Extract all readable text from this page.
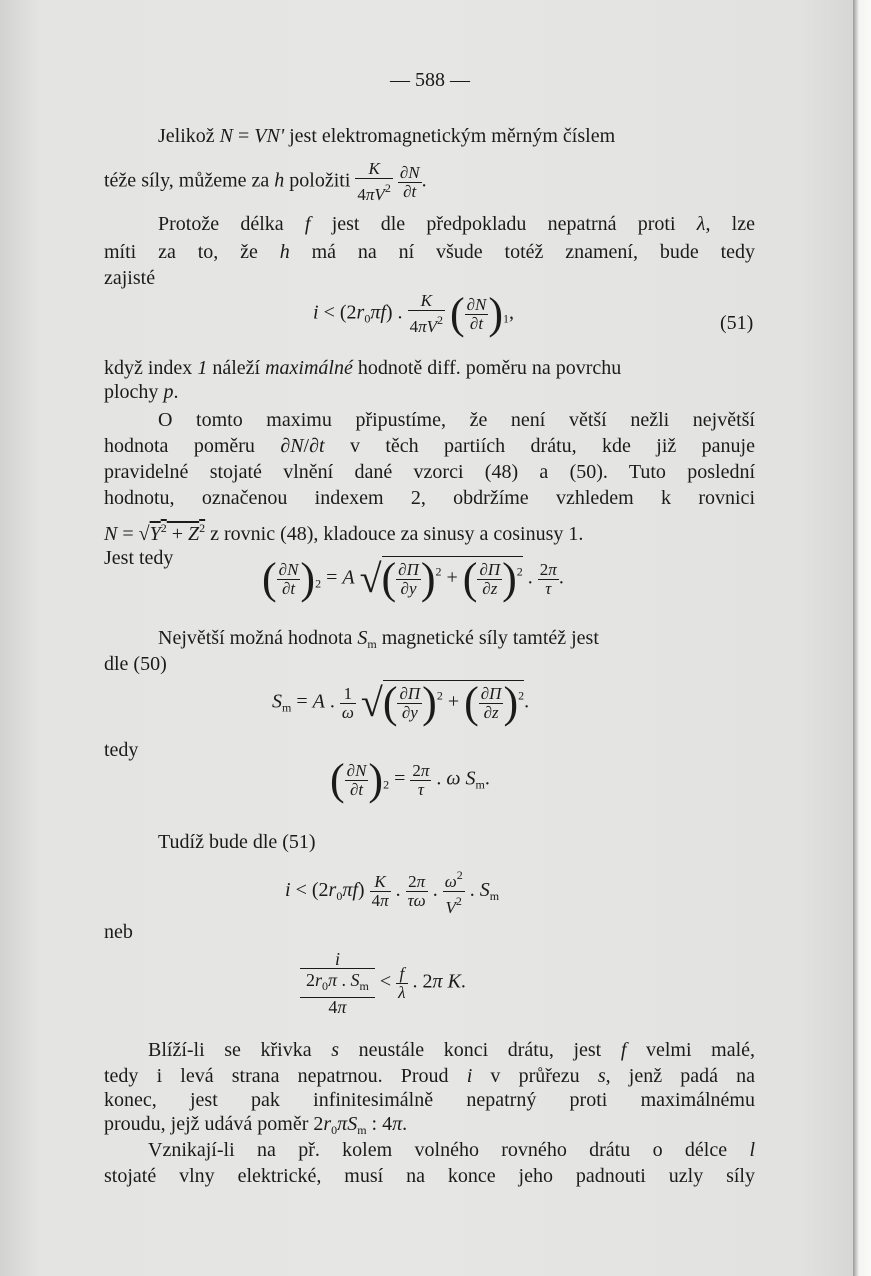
— 588 —
Jelikož N = VN' jest elektromagnetickým měrným číslem
téže síly, můžeme za h položiti $\frac{K}{4\pi V^2}$
$\frac{\partial N}{\partial t}$ .
Protože délka f jest dle předpokladu nepatrná proti λ, lze
míti za to, že h má na ní všude totéž znamení, bude tedy
zajisté
$i < (2r_0\pi f)$ . $\frac{K}{4\pi V^2}$ ( $\frac{\partial N}{\partial t} )_1$,	(51)
když index 1 náleží maximálné hodnotě diff. poměru na povrchu
plochy p.
O tomto maximu připustíme, že není větší nežli největší
hodnota poměru ∂N/∂t v těch partiích drátu, kde již panuje
pravidelné stojaté vlnění dané vzorci (48) a (50). Tuto poslední
hodnotu, označenou indexem 2, obdržíme vzhledem k rovnici
$N = √Y^2 + Z^2$ z rovnic (48), kladouce za sinusy a cosinusy 1.
Jest tedy ( $\frac{\partial N}{\partial t} )_2 = A$ √( $\frac{\partial\Pi}{\partial y} )^2$ + ( $\frac{\partial\Pi}{\partial z} )^2$ . $\frac{2\pi}{\tau}$ .
Největší možná hodnota $S_m$ magnetické síly tamtéž jest
dle (50)
$S_m = A$ . $\frac{1}{\omega}$ √( $\frac{\partial\Pi}{\partial y} )^2$ + ( $\frac{\partial\Pi}{\partial z} )^2$.
tedy
( $\frac{\partial N}{\partial t} )_2 = \frac{2\pi}{\tau}$ . ω $S_m$.
Tudíž bude dle (51)
$i < (2r_0\pi f) \frac{K}{4\pi}$ . $\frac{2\pi}{\tau\omega}$ . $\frac{\omega^2}{V^2}$ . $S_m$
neb
i
$2r_0\pi$ . $S_m$
4π
< $\frac{f}{\lambda}$ . 2π K.
Blíží-li se křivka s neustále konci drátu, jest f velmi malé,
tedy i levá strana nepatrnou. Proud i v průřezu s, jenž padá na
konec, jest pak infinitesimálně nepatrný proti maximálnému
proudu, jejž udává poměr $2r_0\pi S_m$ : 4π.
Vznikají-li na př. kolem volného rovného drátu o délce l
stojaté vlny elektrické, musí na konce jeho padnouti uzly síly
